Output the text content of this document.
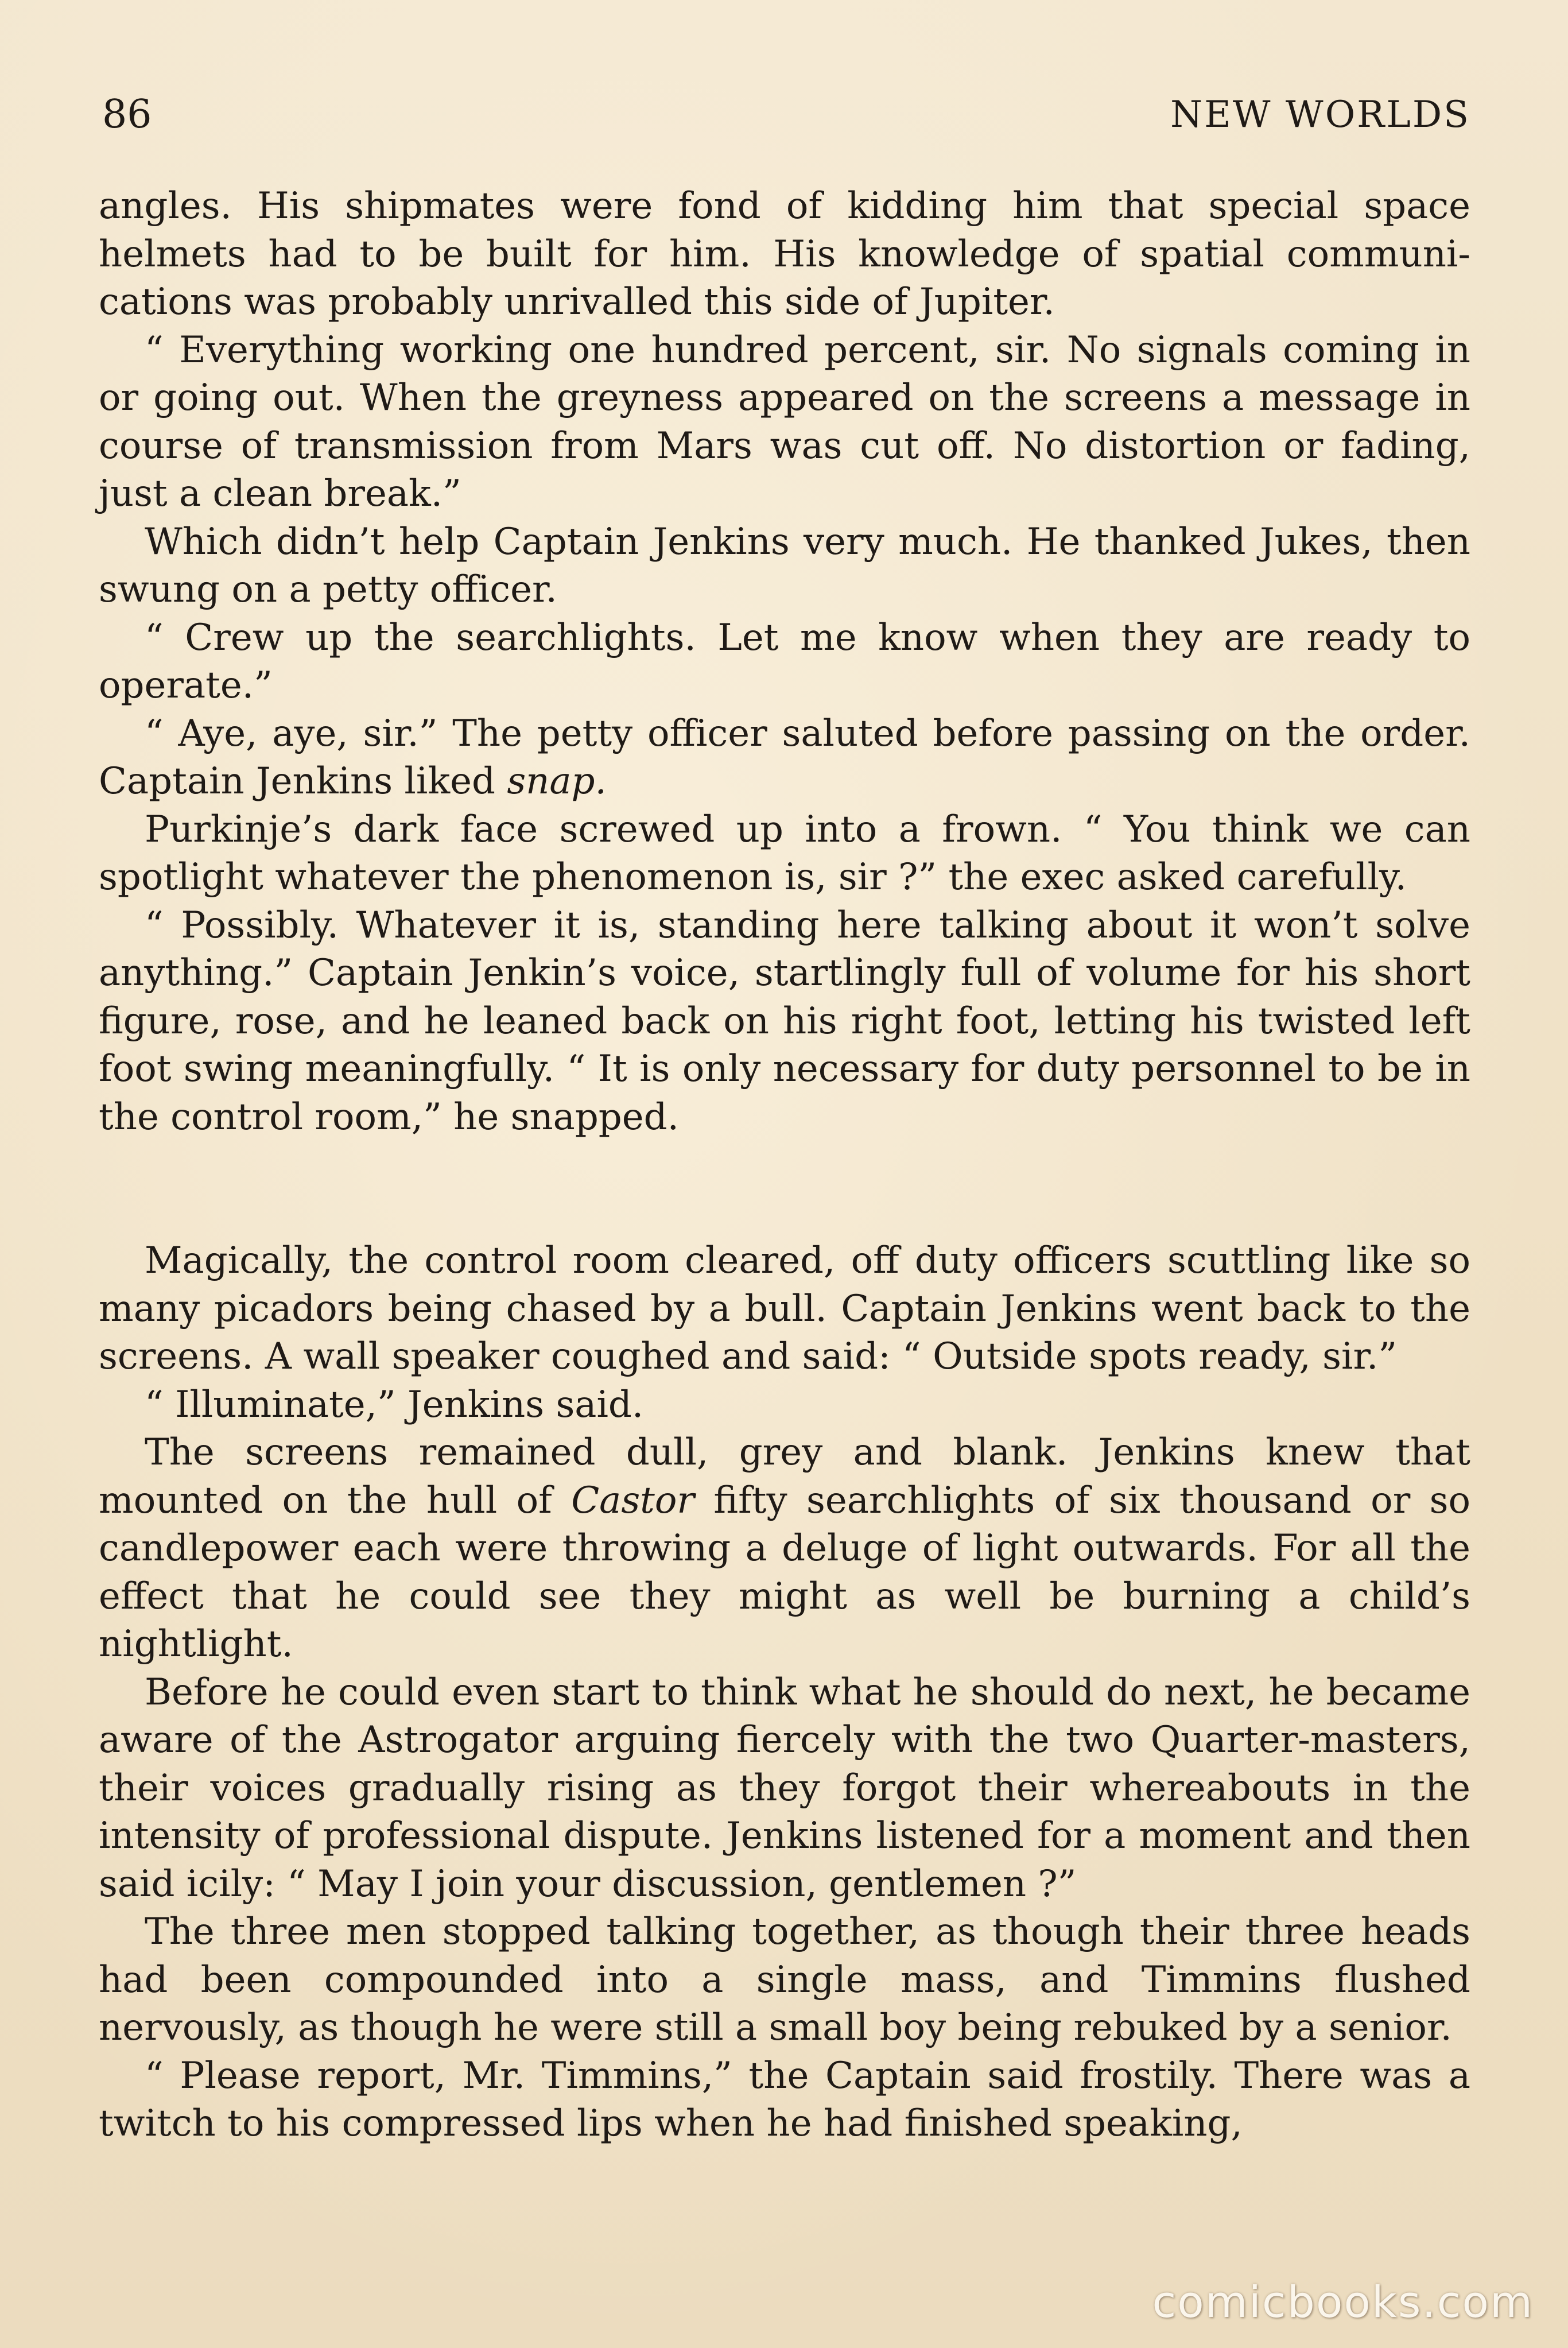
86	NEW WORLDS

angles. His shipmates were fond of kidding him that special space helmets had to be built for him. His knowledge of spatial communi-cations was probably unrivalled this side of Jupiter.

“ Everything working one hundred percent, sir. No signals coming in or going out. When the greyness appeared on the screens a message in course of transmission from Mars was cut off. No distortion or fading, just a clean break.”

Which didn’t help Captain Jenkins very much. He thanked Jukes, then swung on a petty officer.

“ Crew up the searchlights. Let me know when they are ready to operate.”

“ Aye, aye, sir.” The petty officer saluted before passing on the order. Captain Jenkins liked snap.

Purkinje’s dark face screwed up into a frown. “ You think we can spotlight whatever the phenomenon is, sir ?” the exec asked carefully.

“ Possibly. Whatever it is, standing here talking about it won’t solve anything.” Captain Jenkin’s voice, startlingly full of volume for his short figure, rose, and he leaned back on his right foot, letting his twisted left foot swing meaningfully. “ It is only necessary for duty personnel to be in the control room,” he snapped.

Magically, the control room cleared, off duty officers scuttling like so many picadors being chased by a bull. Captain Jenkins went back to the screens. A wall speaker coughed and said: “ Outside spots ready, sir.”

“ Illuminate,” Jenkins said.

The screens remained dull, grey and blank. Jenkins knew that mounted on the hull of Castor fifty searchlights of six thousand or so candlepower each were throwing a deluge of light outwards. For all the effect that he could see they might as well be burning a child’s nightlight.

Before he could even start to think what he should do next, he became aware of the Astrogator arguing fiercely with the two Quarter-masters, their voices gradually rising as they forgot their whereabouts in the intensity of professional dispute. Jenkins listened for a moment and then said icily: “ May I join your discussion, gentlemen ?”

The three men stopped talking together, as though their three heads had been compounded into a single mass, and Timmins flushed nervously, as though he were still a small boy being rebuked by a senior.

“ Please report, Mr. Timmins,” the Captain said frostily. There was a twitch to his compressed lips when he had finished speaking,

comicbooks.com
